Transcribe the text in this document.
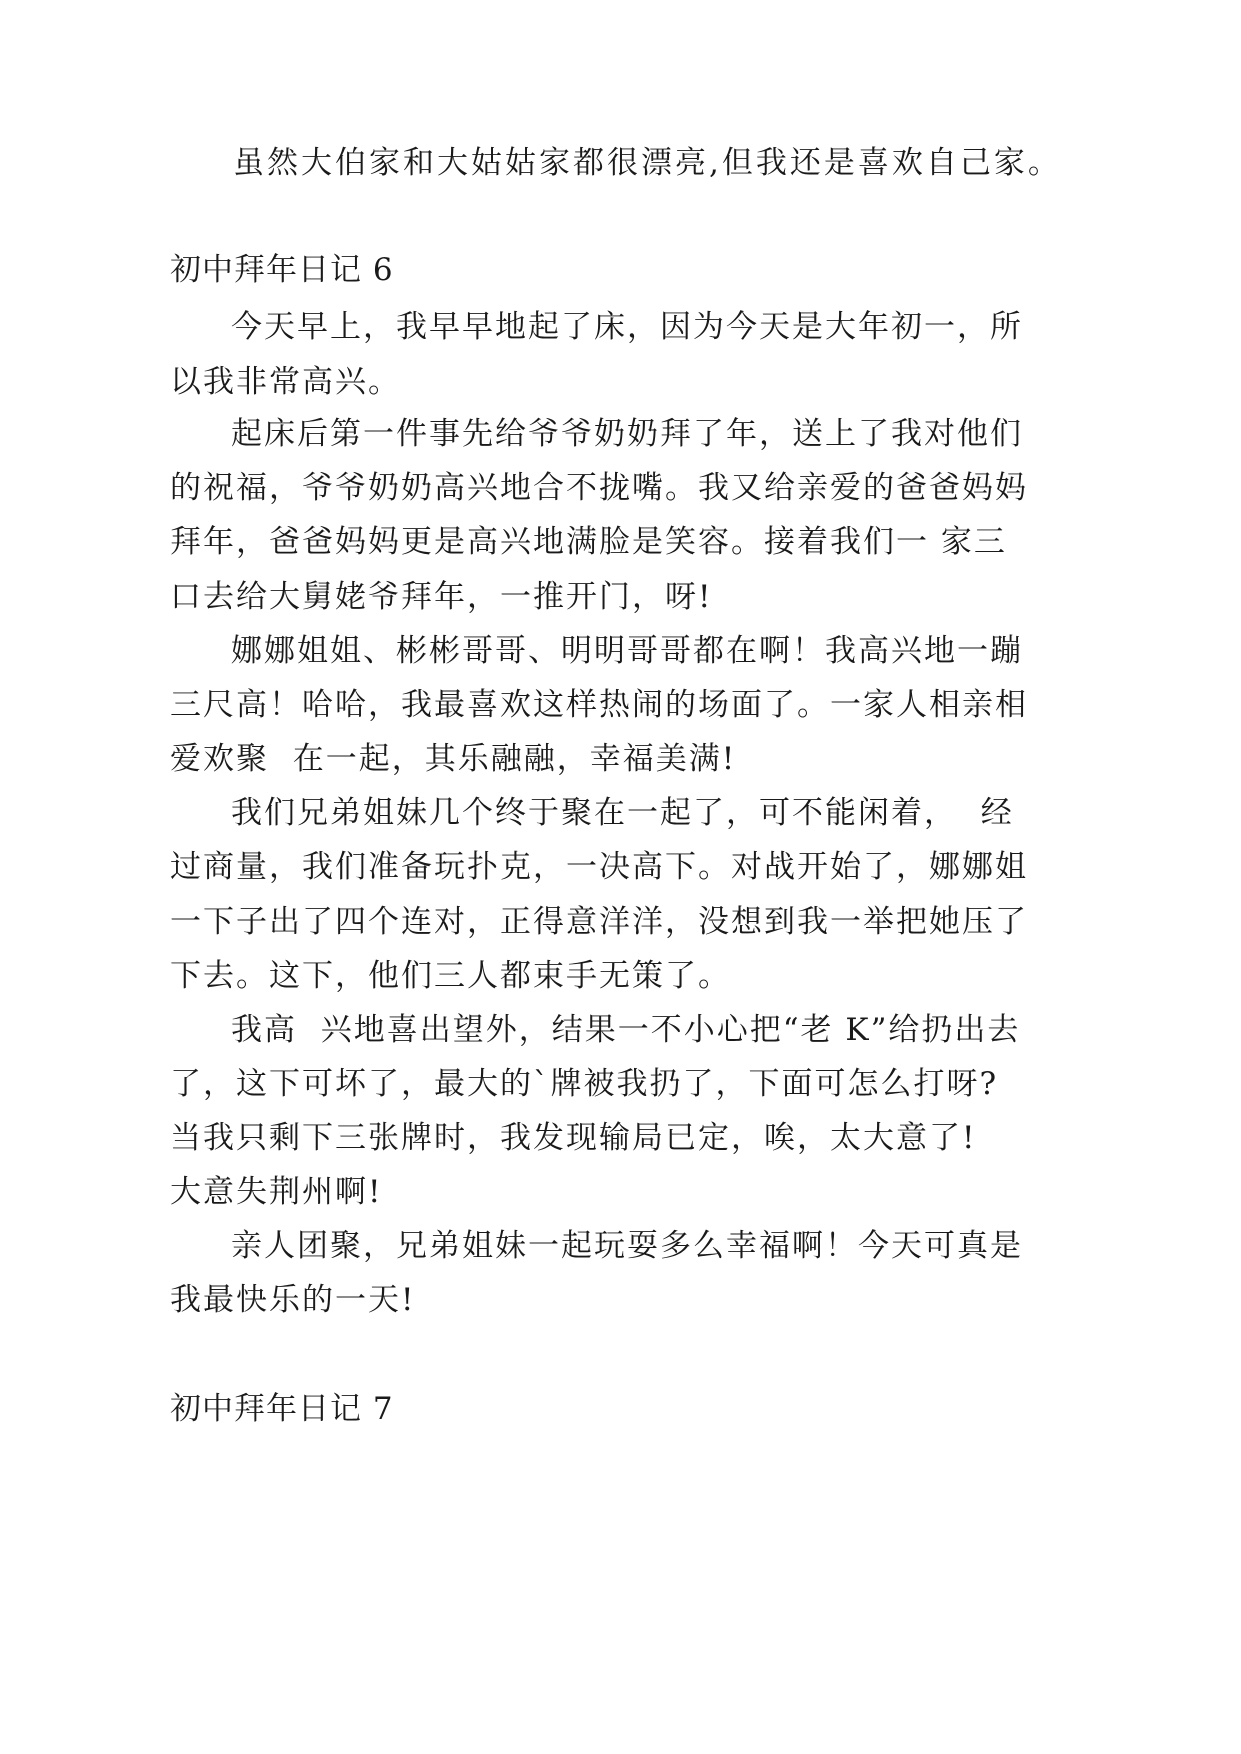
虽然大伯家和大姑姑家都很漂亮,但我还是喜欢自己家。
初中拜年日记 6
今天早上，我早早地起了床，因为今天是大年初一，所
以我非常高兴。
起床后第一件事先给爷爷奶奶拜了年，送上了我对他们
的祝福，爷爷奶奶高兴地合不拢嘴。我又给亲爱的爸爸妈妈
拜年，爸爸妈妈更是高兴地满脸是笑容。接着我们一 家三
口去给大舅姥爷拜年，一推开门，呀!
娜娜姐姐、彬彬哥哥、明明哥哥都在啊！我高兴地一蹦
三尺高！哈哈，我最喜欢这样热闹的场面了。一家人相亲相
爱欢聚  在一起，其乐融融，幸福美满!
我们兄弟姐妹几个终于聚在一起了，可不能闲着，  经
过商量，我们准备玩扑克，一决高下。对战开始了，娜娜姐
一下子出了四个连对，正得意洋洋，没想到我一举把她压了
下去。这下，他们三人都束手无策了。
我高  兴地喜出望外，结果一不小心把“老 K”给扔出去
了，这下可坏了，最大的`牌被我扔了，下面可怎么打呀?
当我只剩下三张牌时，我发现输局已定，唉，太大意了!
大意失荆州啊!
亲人团聚，兄弟姐妹一起玩耍多么幸福啊！今天可真是
我最快乐的一天!
初中拜年日记 7
